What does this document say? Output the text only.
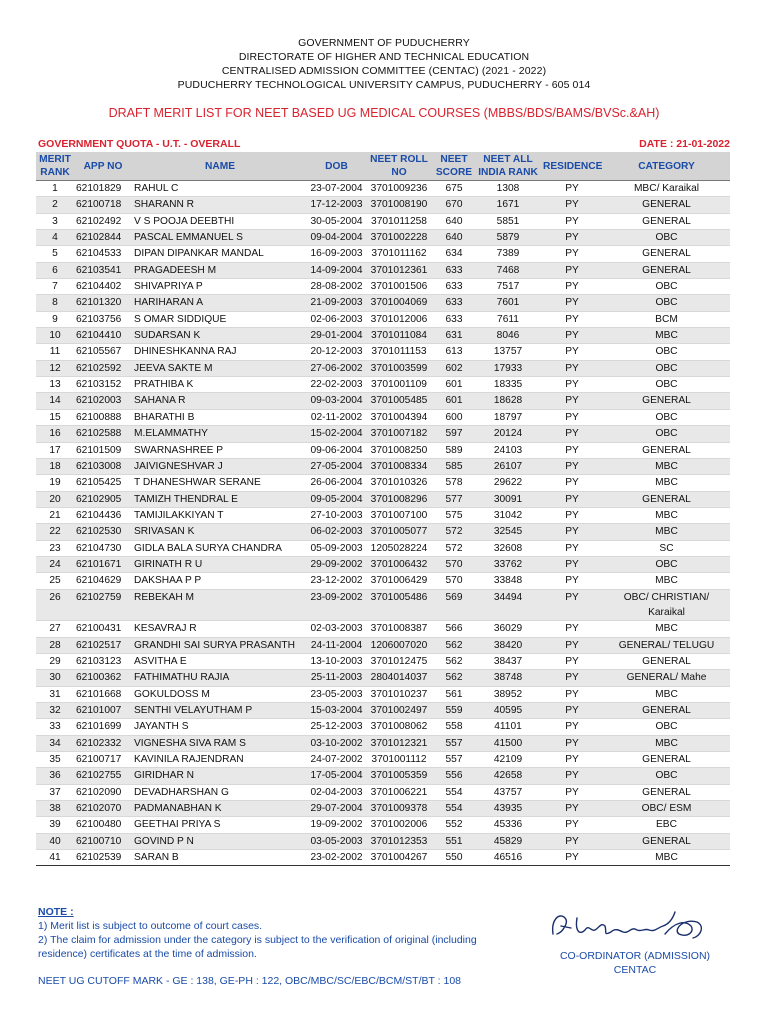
GOVERNMENT OF PUDUCHERRY
DIRECTORATE OF HIGHER AND TECHNICAL EDUCATION
CENTRALISED ADMISSION COMMITTEE (CENTAC) (2021 - 2022)
PUDUCHERRY TECHNOLOGICAL UNIVERSITY CAMPUS, PUDUCHERRY - 605 014
DRAFT MERIT LIST FOR NEET BASED UG MEDICAL COURSES (MBBS/BDS/BAMS/BVSc.&AH)
GOVERNMENT QUOTA - U.T. - OVERALL	DATE : 21-01-2022
MERIT RANK	APP NO	NAME	DOB	NEET ROLL NO	NEET SCORE	NEET ALL INDIA RANK	RESIDENCE	CATEGORY
1	62101829	RAHUL C	23-07-2004	3701009236	675	1308	PY	MBC/ Karaikal
2	62100718	SHARANN R	17-12-2003	3701008190	670	1671	PY	GENERAL
3	62102492	V S POOJA DEEBTHI	30-05-2004	3701011258	640	5851	PY	GENERAL
4	62102844	PASCAL EMMANUEL S	09-04-2004	3701002228	640	5879	PY	OBC
5	62104533	DIPAN DIPANKAR MANDAL	16-09-2003	3701011162	634	7389	PY	GENERAL
6	62103541	PRAGADEESH M	14-09-2004	3701012361	633	7468	PY	GENERAL
7	62104402	SHIVAPRIYA P	28-08-2002	3701001506	633	7517	PY	OBC
8	62101320	HARIHARAN A	21-09-2003	3701004069	633	7601	PY	OBC
9	62103756	S OMAR SIDDIQUE	02-06-2003	3701012006	633	7611	PY	BCM
10	62104410	SUDARSAN K	29-01-2004	3701011084	631	8046	PY	MBC
11	62105567	DHINESHKANNA RAJ	20-12-2003	3701011153	613	13757	PY	OBC
12	62102592	JEEVA SAKTE M	27-06-2002	3701003599	602	17933	PY	OBC
13	62103152	PRATHIBA K	22-02-2003	3701001109	601	18335	PY	OBC
14	62102003	SAHANA R	09-03-2004	3701005485	601	18628	PY	GENERAL
15	62100888	BHARATHI B	02-11-2002	3701004394	600	18797	PY	OBC
16	62102588	M.ELAMMATHY	15-02-2004	3701007182	597	20124	PY	OBC
17	62101509	SWARNASHREE P	09-06-2004	3701008250	589	24103	PY	GENERAL
18	62103008	JAIVIGNESHVAR J	27-05-2004	3701008334	585	26107	PY	MBC
19	62105425	T DHANESHWAR SERANE	26-06-2004	3701010326	578	29622	PY	MBC
20	62102905	TAMIZH THENDRAL E	09-05-2004	3701008296	577	30091	PY	GENERAL
21	62104436	TAMIJILAKKIYAN T	27-10-2003	3701007100	575	31042	PY	MBC
22	62102530	SRIVASAN K	06-02-2003	3701005077	572	32545	PY	MBC
23	62104730	GIDLA BALA SURYA CHANDRA	05-09-2003	1205028224	572	32608	PY	SC
24	62101671	GIRINATH R U	29-09-2002	3701006432	570	33762	PY	OBC
25	62104629	DAKSHAA P P	23-12-2002	3701006429	570	33848	PY	MBC
26	62102759	REBEKAH M	23-09-2002	3701005486	569	34494	PY	OBC/ CHRISTIAN/ Karaikal
27	62100431	KESAVRAJ R	02-03-2003	3701008387	566	36029	PY	MBC
28	62102517	GRANDHI SAI SURYA PRASANTH	24-11-2004	1206007020	562	38420	PY	GENERAL/ TELUGU
29	62103123	ASVITHA E	13-10-2003	3701012475	562	38437	PY	GENERAL
30	62100362	FATHIMATHU RAJIA	25-11-2003	2804014037	562	38748	PY	GENERAL/ Mahe
31	62101668	GOKULDOSS M	23-05-2003	3701010237	561	38952	PY	MBC
32	62101007	SENTHI VELAYUTHAM P	15-03-2004	3701002497	559	40595	PY	GENERAL
33	62101699	JAYANTH S	25-12-2003	3701008062	558	41101	PY	OBC
34	62102332	VIGNESHA SIVA RAM S	03-10-2002	3701012321	557	41500	PY	MBC
35	62100717	KAVINILA RAJENDRAN	24-07-2002	3701001112	557	42109	PY	GENERAL
36	62102755	GIRIDHAR N	17-05-2004	3701005359	556	42658	PY	OBC
37	62102090	DEVADHARSHAN G	02-04-2003	3701006221	554	43757	PY	GENERAL
38	62102070	PADMANABHAN K	29-07-2004	3701009378	554	43935	PY	OBC/ ESM
39	62100480	GEETHAI PRIYA S	19-09-2002	3701002006	552	45336	PY	EBC
40	62100710	GOVIND P N	03-05-2003	3701012353	551	45829	PY	GENERAL
41	62102539	SARAN B	23-02-2002	3701004267	550	46516	PY	MBC
NOTE :
1) Merit list is subject to outcome of court cases.
2) The claim for admission under the category is subject to the verification of original (including residence) certificates at the time of admission.
NEET UG CUTOFF MARK - GE : 138, GE-PH : 122, OBC/MBC/SC/EBC/BCM/ST/BT : 108
CO-ORDINATOR (ADMISSION)
CENTAC
